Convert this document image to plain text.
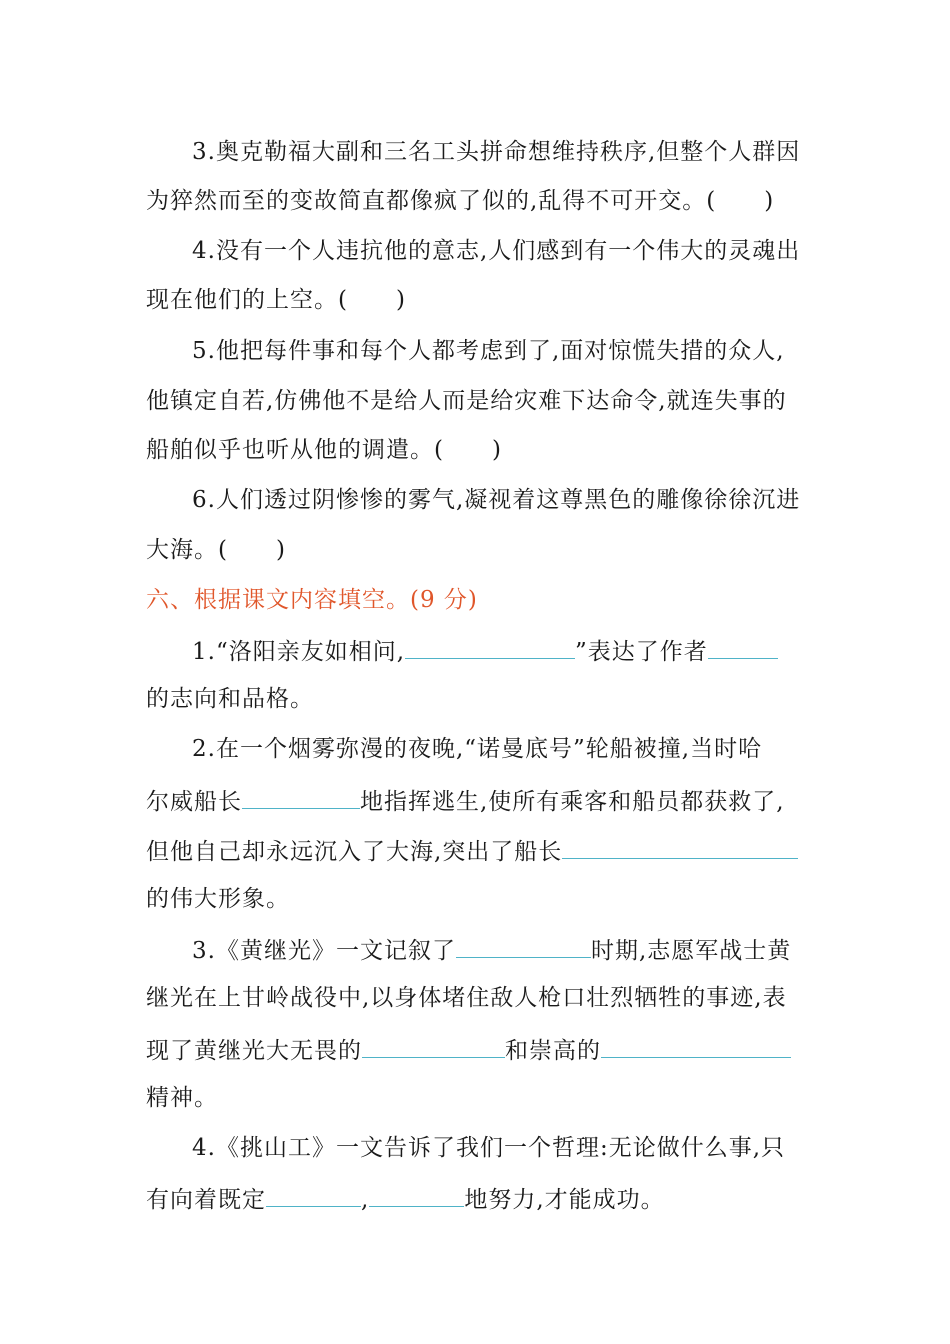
3.奥克勒福大副和三名工头拼命想维持秩序,但整个人群因
为猝然而至的变故简直都像疯了似的,乱得不可开交。(　　)
4.没有一个人违抗他的意志,人们感到有一个伟大的灵魂出
现在他们的上空。(　　)
5.他把每件事和每个人都考虑到了,面对惊慌失措的众人,
他镇定自若,仿佛他不是给人而是给灾难下达命令,就连失事的
船舶似乎也听从他的调遣。(　　)
6.人们透过阴惨惨的雾气,凝视着这尊黑色的雕像徐徐沉进
大海。(　　)
六、根据课文内容填空。(9 分)
1.“洛阳亲友如相问,	”表达了作者
的志向和品格。
2.在一个烟雾弥漫的夜晚,“诺曼底号”轮船被撞,当时哈
尔威船长	地指挥逃生,使所有乘客和船员都获救了,
但他自己却永远沉入了大海,突出了船长
的伟大形象。
3.《黄继光》一文记叙了	时期,志愿军战士黄
继光在上甘岭战役中,以身体堵住敌人枪口壮烈牺牲的事迹,表
现了黄继光大无畏的	和崇高的
精神。
4.《挑山工》一文告诉了我们一个哲理:无论做什么事,只
有向着既定	,	地努力,才能成功。
